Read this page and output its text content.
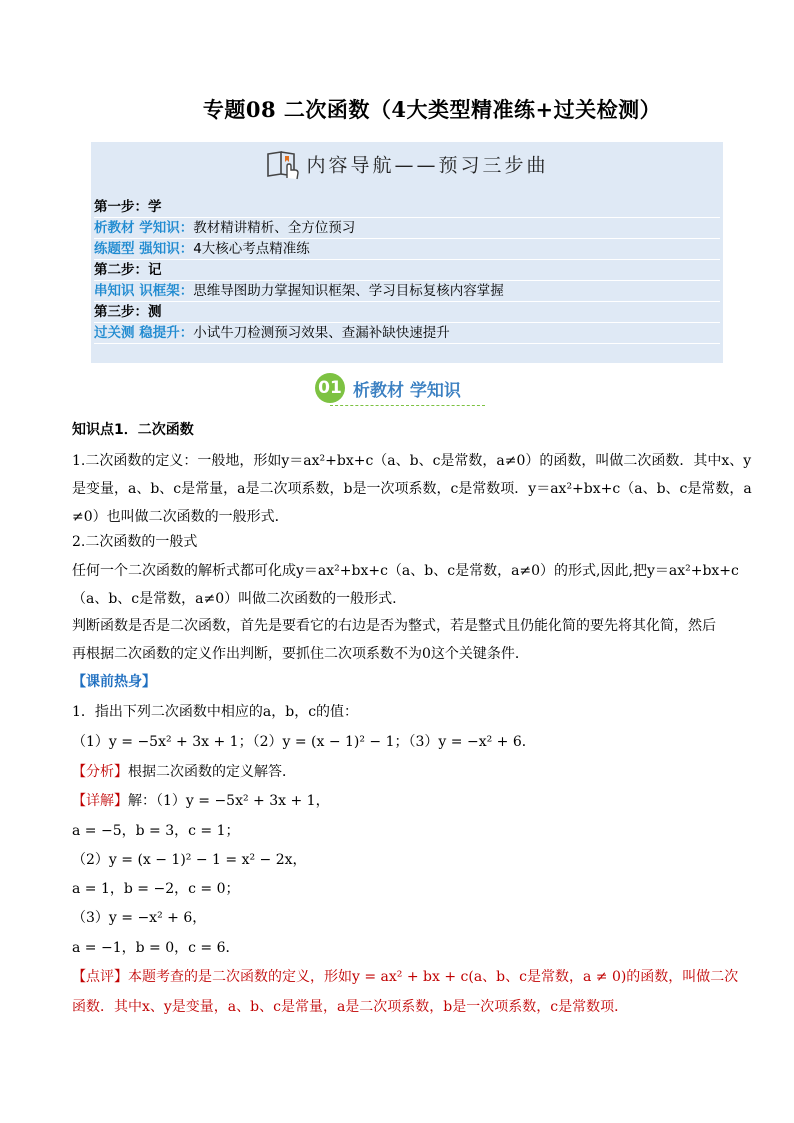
专题08 二次函数（4大类型精准练+过关检测）
内容导航——预习三步曲
第一步：学
析教材 学知识：教材精讲精析、全方位预习
练题型 强知识：4大核心考点精准练
第二步：记
串知识 识框架：思维导图助力掌握知识框架、学习目标复核内容掌握
第三步：测
过关测 稳提升：小试牛刀检测预习效果、查漏补缺快速提升
01 析教材 学知识
知识点1．二次函数
1.二次函数的定义：一般地，形如y＝ax²+bx+c（a、b、c是常数，a≠0）的函数，叫做二次函数．其中x、y
是变量，a、b、c是常量，a是二次项系数，b是一次项系数，c是常数项．y＝ax²+bx+c（a、b、c是常数，a
≠0）也叫做二次函数的一般形式．
2.二次函数的一般式
任何一个二次函数的解析式都可化成y＝ax²+bx+c（a、b、c是常数，a≠0）的形式,因此,把y＝ax²+bx+c
（a、b、c是常数，a≠0）叫做二次函数的一般形式.
判断函数是否是二次函数，首先是要看它的右边是否为整式，若是整式且仍能化简的要先将其化简，然后
再根据二次函数的定义作出判断，要抓住二次项系数不为0这个关键条件．
【课前热身】
1．指出下列二次函数中相应的a，b，c的值：
（1）y = −5x² + 3x + 1；（2）y = (x − 1)² − 1；（3）y = −x² + 6．
【分析】根据二次函数的定义解答．
【详解】解：（1）y = −5x² + 3x + 1，
a = −5，b = 3，c = 1；
（2）y = (x − 1)² − 1 = x² − 2x，
a = 1，b = −2，c = 0；
（3）y = −x² + 6，
a = −1，b = 0，c = 6．
【点评】本题考查的是二次函数的定义，形如y = ax² + bx + c(a、b、c是常数，a ≠ 0)的函数，叫做二次
函数．其中x、y是变量，a、b、c是常量，a是二次项系数，b是一次项系数，c是常数项．
